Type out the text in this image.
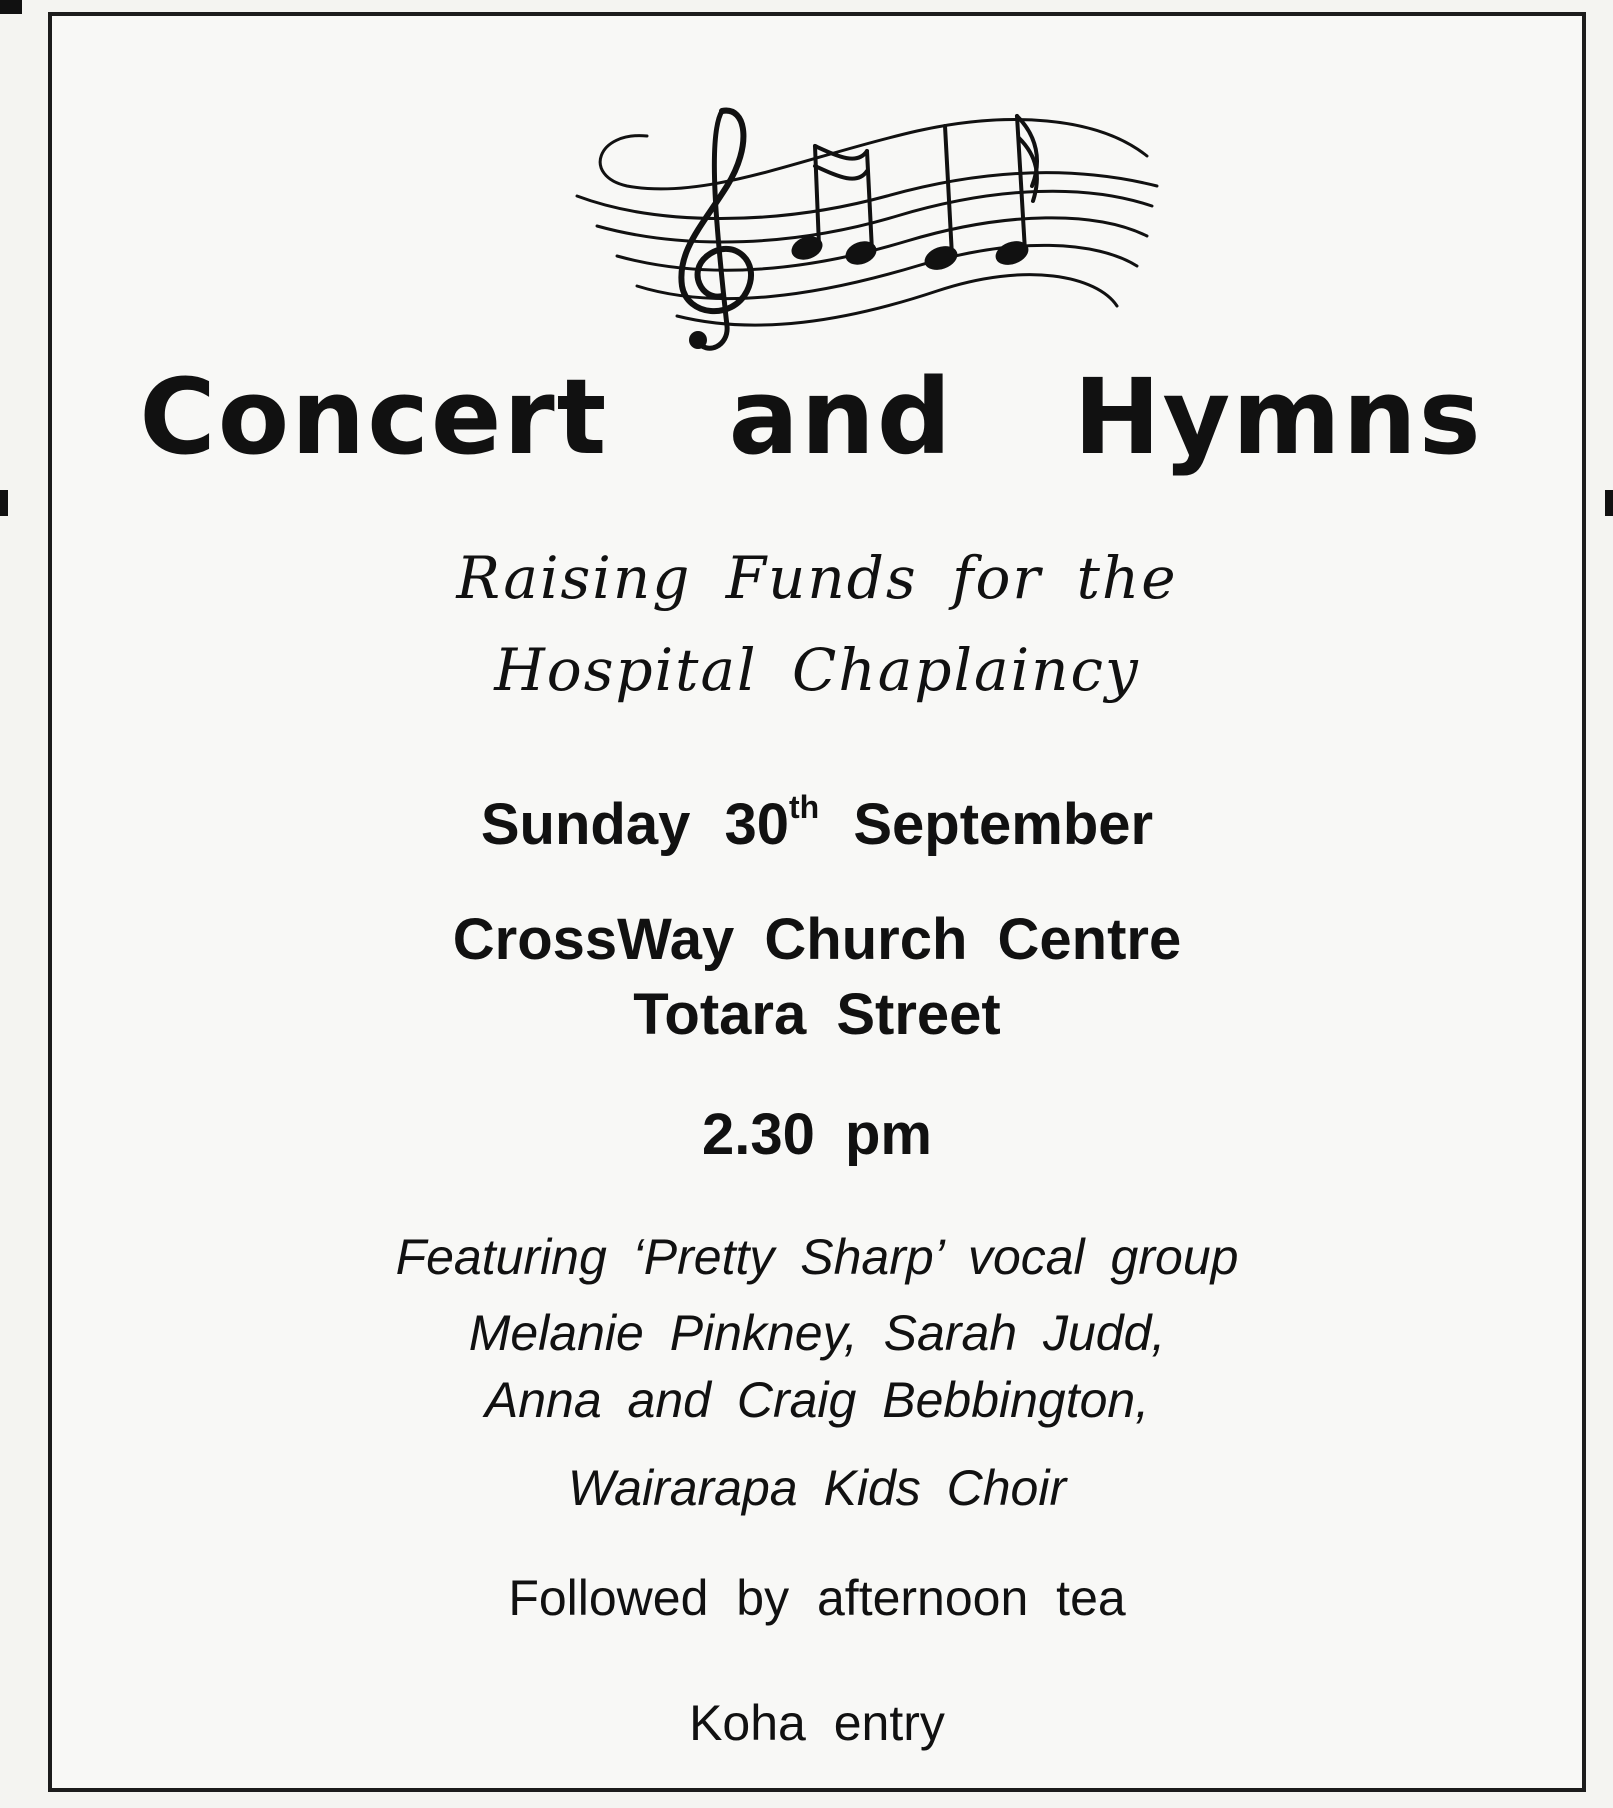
Concert and Hymns
Raising Funds for the
Hospital Chaplaincy
Sunday 30th September
CrossWay Church Centre
Totara Street
2.30 pm
Featuring ‘Pretty Sharp’ vocal group
Melanie Pinkney, Sarah Judd,
Anna and Craig Bebbington,
Wairarapa Kids Choir
Followed by afternoon tea
Koha entry
